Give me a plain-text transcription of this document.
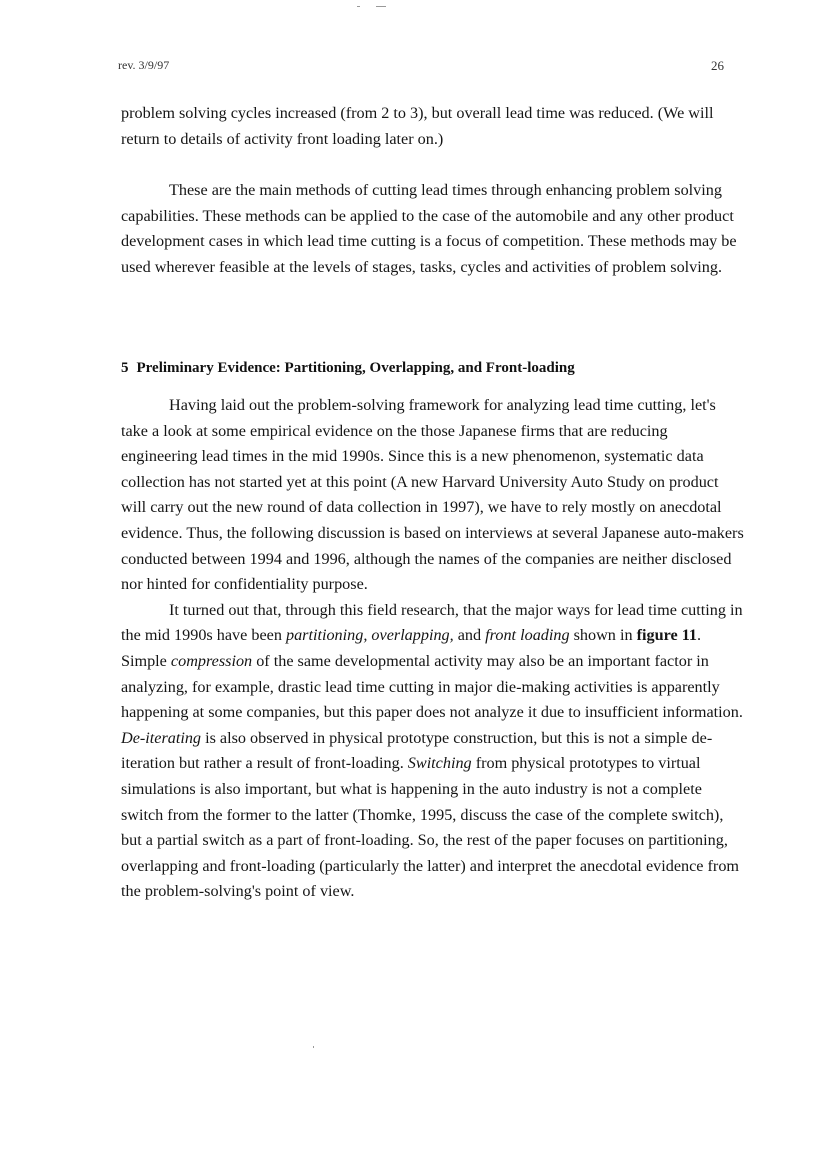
rev. 3/9/97	26

problem solving cycles increased (from 2 to 3), but overall lead time was reduced. (We will return to details of activity front loading later on.)

These are the main methods of cutting lead times through enhancing problem solving capabilities. These methods can be applied to the case of the automobile and any other product development cases in which lead time cutting is a focus of competition. These methods may be used wherever feasible at the levels of stages, tasks, cycles and activities of problem solving.

5 Preliminary Evidence: Partitioning, Overlapping, and Front-loading

Having laid out the problem-solving framework for analyzing lead time cutting, let's take a look at some empirical evidence on the those Japanese firms that are reducing engineering lead times in the mid 1990s. Since this is a new phenomenon, systematic data collection has not started yet at this point (A new Harvard University Auto Study on product will carry out the new round of data collection in 1997), we have to rely mostly on anecdotal evidence. Thus, the following discussion is based on interviews at several Japanese auto-makers conducted between 1994 and 1996, although the names of the companies are neither disclosed nor hinted for confidentiality purpose.

It turned out that, through this field research, that the major ways for lead time cutting in the mid 1990s have been partitioning, overlapping, and front loading shown in figure 11. Simple compression of the same developmental activity may also be an important factor in analyzing, for example, drastic lead time cutting in major die-making activities is apparently happening at some companies, but this paper does not analyze it due to insufficient information. De-iterating is also observed in physical prototype construction, but this is not a simple de-iteration but rather a result of front-loading. Switching from physical prototypes to virtual simulations is also important, but what is happening in the auto industry is not a complete switch from the former to the latter (Thomke, 1995, discuss the case of the complete switch), but a partial switch as a part of front-loading. So, the rest of the paper focuses on partitioning, overlapping and front-loading (particularly the latter) and interpret the anecdotal evidence from the problem-solving's point of view.
